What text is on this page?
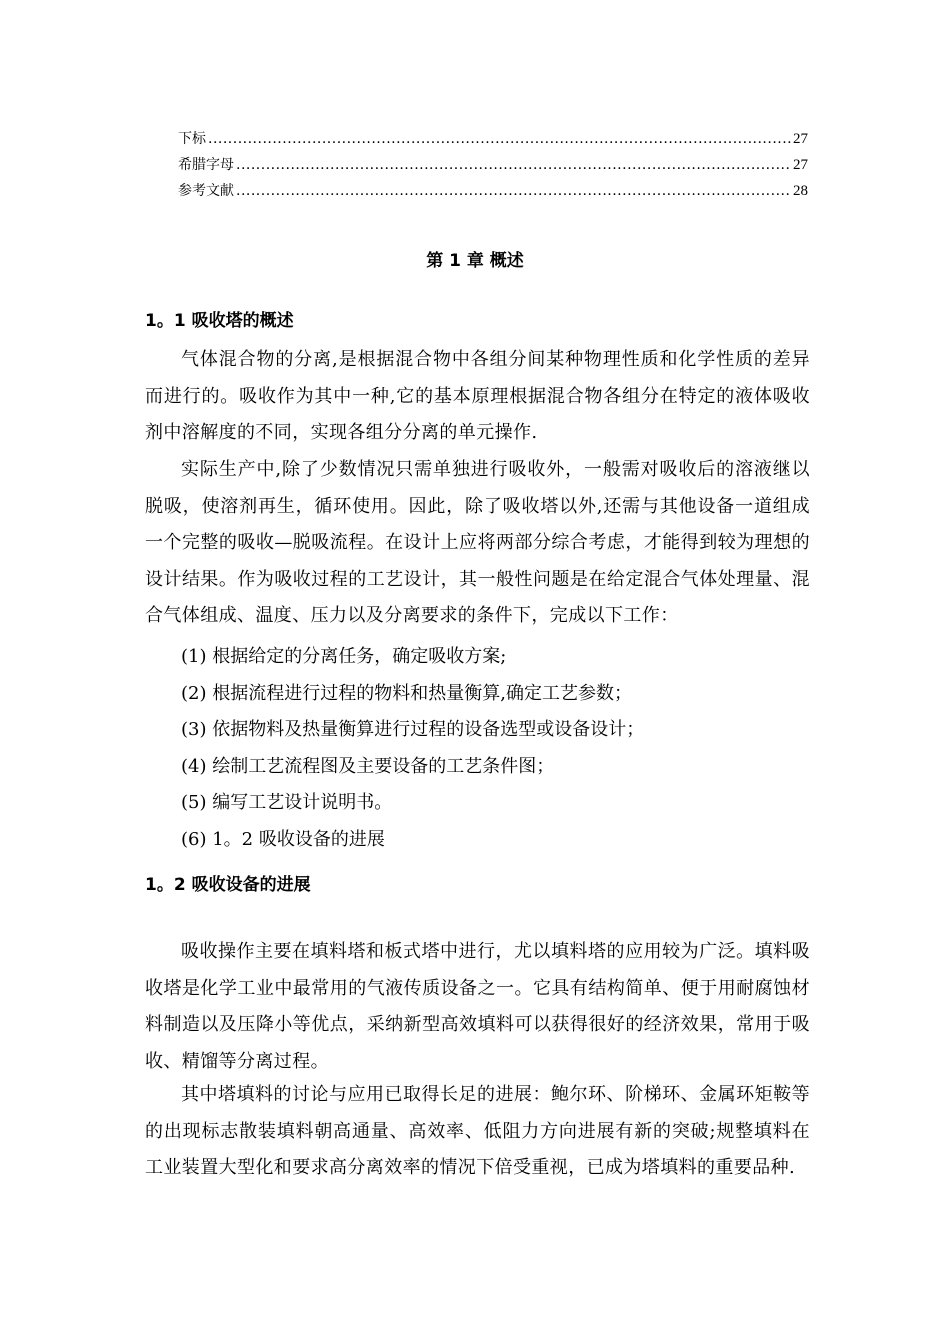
下标 .....	27
希腊字母 .....	27
参考文献 .....	28
第 1 章 概述
1。1 吸收塔的概述
气体混合物的分离,是根据混合物中各组分间某种物理性质和化学性质的差异而进行的。吸收作为其中一种,它的基本原理根据混合物各组分在特定的液体吸收剂中溶解度的不同，实现各组分分离的单元操作.
实际生产中,除了少数情况只需单独进行吸收外，一般需对吸收后的溶液继以脱吸，使溶剂再生，循环使用。因此，除了吸收塔以外,还需与其他设备一道组成一个完整的吸收—脱吸流程。在设计上应将两部分综合考虑，才能得到较为理想的设计结果。作为吸收过程的工艺设计，其一般性问题是在给定混合气体处理量、混合气体组成、温度、压力以及分离要求的条件下，完成以下工作：
(1) 根据给定的分离任务，确定吸收方案;
(2) 根据流程进行过程的物料和热量衡算,确定工艺参数；
(3) 依据物料及热量衡算进行过程的设备选型或设备设计；
(4) 绘制工艺流程图及主要设备的工艺条件图；
(5) 编写工艺设计说明书。
(6) 1。2 吸收设备的进展
1。2 吸收设备的进展
吸收操作主要在填料塔和板式塔中进行，尤以填料塔的应用较为广泛。填料吸收塔是化学工业中最常用的气液传质设备之一。它具有结构简单、便于用耐腐蚀材料制造以及压降小等优点，采纳新型高效填料可以获得很好的经济效果，常用于吸收、精馏等分离过程。
其中塔填料的讨论与应用已取得长足的进展：鲍尔环、阶梯环、金属环矩鞍等的出现标志散装填料朝高通量、高效率、低阻力方向进展有新的突破;规整填料在工业装置大型化和要求高分离效率的情况下倍受重视，已成为塔填料的重要品种.
